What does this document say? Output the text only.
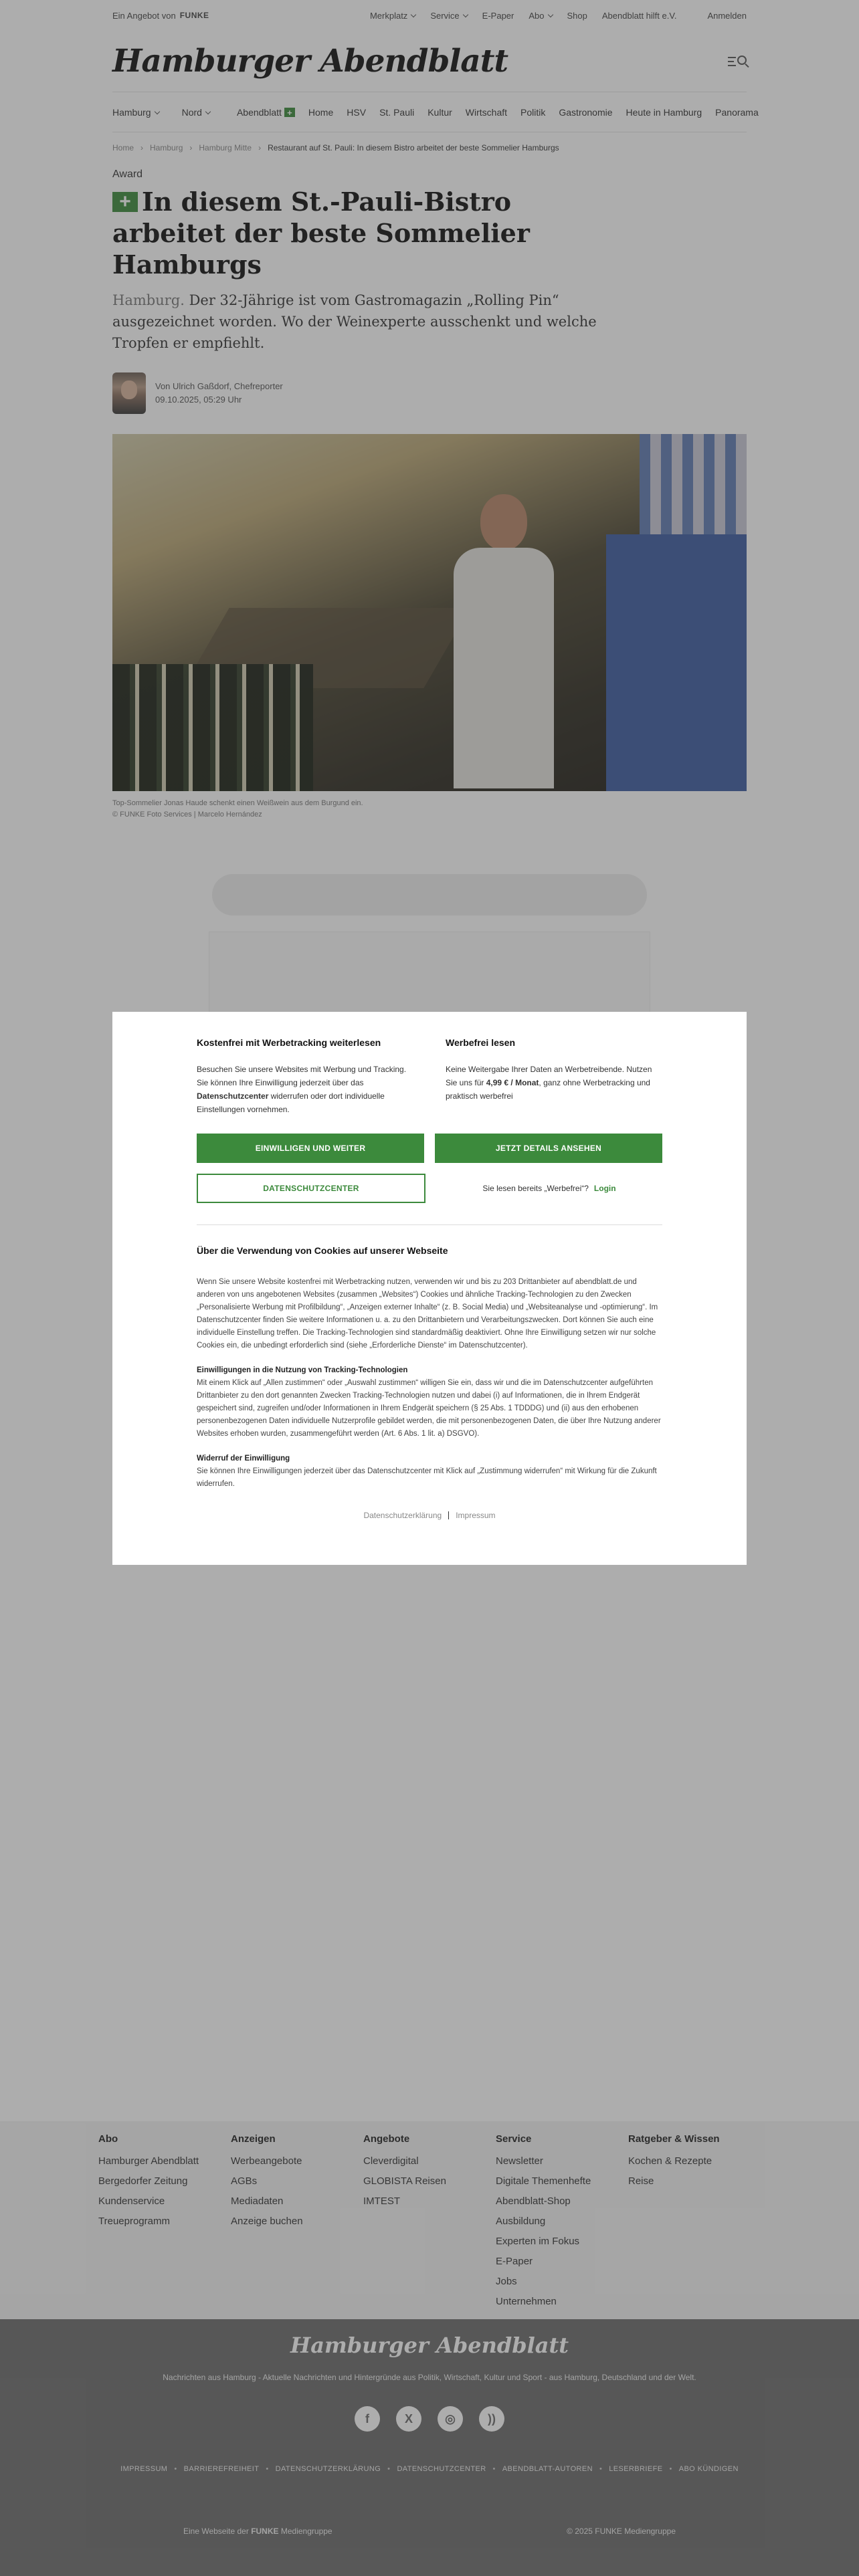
Ein Angebot von FUNKE	Merkplatz	Service	E-Paper Abo	Shop Abendblatt hilft e.V.	Anmelden
Hamburger Abendblatt
Hamburg	Nord	Abendblatt +	Home HSV St. Pauli Kultur Wirtschaft Politik Gastronomie Heute in Hamburg Panorama
Home › Hamburg › Hamburg Mitte › Restaurant auf St. Pauli: In diesem Bistro arbeitet der beste Sommelier Hamburgs
Award
+ In diesem St.-Pauli-Bistro arbeitet der beste Sommelier Hamburgs

Hamburg. Der 32-Jährige ist vom Gastromagazin „Rolling Pin“ ausgezeichnet worden. Wo der Weinexperte ausschenkt und welche Tropfen er empfiehlt.

Von Ulrich Gaßdorf, Chefreporter
09.10.2025, 05:29 Uhr
Top-Sommelier Jonas Haude schenkt einen Weißwein aus dem Burgund ein.
© FUNKE Foto Services | Marcelo Hernández
Abo
Hamburger Abendblatt
Bergedorfer Zeitung
Kundenservice
Treueprogramm
Anzeigen
Werbeangebote
AGBs
Mediadaten
Anzeige buchen
Angebote
Cleverdigital
GLOBISTA Reisen
IMTEST
Service
Newsletter
Digitale Themenhefte
Abendblatt-Shop
Ausbildung
Experten im Fokus
E-Paper
Jobs
Unternehmen
Ratgeber & Wissen
Kochen & Rezepte
Reise
Hamburger Abendblatt
Nachrichten aus Hamburg - Aktuelle Nachrichten und Hintergründe aus Politik, Wirtschaft, Kultur und Sport - aus Hamburg, Deutschland und der Welt.
f	X	◎	))
IMPRESSUM • BARRIEREFREIHEIT • DATENSCHUTZERKLÄRUNG • DATENSCHUTZCENTER • ABENDBLATT-AUTOREN • LESERBRIEFE • ABO KÜNDIGEN
Eine Webseite der FUNKE Mediengruppe	© 2025 FUNKE Mediengruppe
Kostenfrei mit Werbetracking weiterlesen

Besuchen Sie unsere Websites mit Werbung und Tracking. Sie können Ihre Einwilligung jederzeit über das Datenschutzcenter widerrufen oder dort individuelle Einstellungen vornehmen.

Werbefrei lesen

Keine Weitergabe Ihrer Daten an Werbetreibende. Nutzen Sie uns für 4,99 € / Monat, ganz ohne Werbetracking und praktisch werbefrei

EINWILLIGEN UND WEITER	JETZT DETAILS ANSEHEN
DATENSCHUTZCENTER	Sie lesen bereits „Werbefrei“? Login
Über die Verwendung von Cookies auf unserer Webseite
Wenn Sie unsere Website kostenfrei mit Werbetracking nutzen, verwenden wir und bis zu 203 Drittanbieter auf abendblatt.de und anderen von uns angebotenen Websites (zusammen „Websites“) Cookies und ähnliche Tracking-Technologien zu den Zwecken „Personalisierte Werbung mit Profilbildung“, „Anzeigen externer Inhalte“ (z. B. Social Media) und „Websiteanalyse und -optimierung“. Im Datenschutzcenter finden Sie weitere Informationen u. a. zu den Drittanbietern und Verarbeitungszwecken. Dort können Sie auch eine individuelle Einstellung treffen. Die Tracking-Technologien sind standardmäßig deaktiviert. Ohne Ihre Einwilligung setzen wir nur solche Cookies ein, die unbedingt erforderlich sind (siehe „Erforderliche Dienste“ im Datenschutzcenter).
Einwilligungen in die Nutzung von Tracking-Technologien
Mit einem Klick auf „Allen zustimmen“ oder „Auswahl zustimmen“ willigen Sie ein, dass wir und die im Datenschutzcenter aufgeführten Drittanbieter zu den dort genannten Zwecken Tracking-Technologien nutzen und dabei (i) auf Informationen, die in Ihrem Endgerät gespeichert sind, zugreifen und/oder Informationen in Ihrem Endgerät speichern (§ 25 Abs. 1 TDDDG) und (ii) aus den erhobenen personenbezogenen Daten individuelle Nutzerprofile gebildet werden, die mit personenbezogenen Daten, die über Ihre Nutzung anderer Websites erhoben wurden, zusammengeführt werden (Art. 6 Abs. 1 lit. a) DSGVO).
Widerruf der Einwilligung
Sie können Ihre Einwilligungen jederzeit über das Datenschutzcenter mit Klick auf „Zustimmung widerrufen“ mit Wirkung für die Zukunft widerrufen.
Datenschutzerklärung Impressum
